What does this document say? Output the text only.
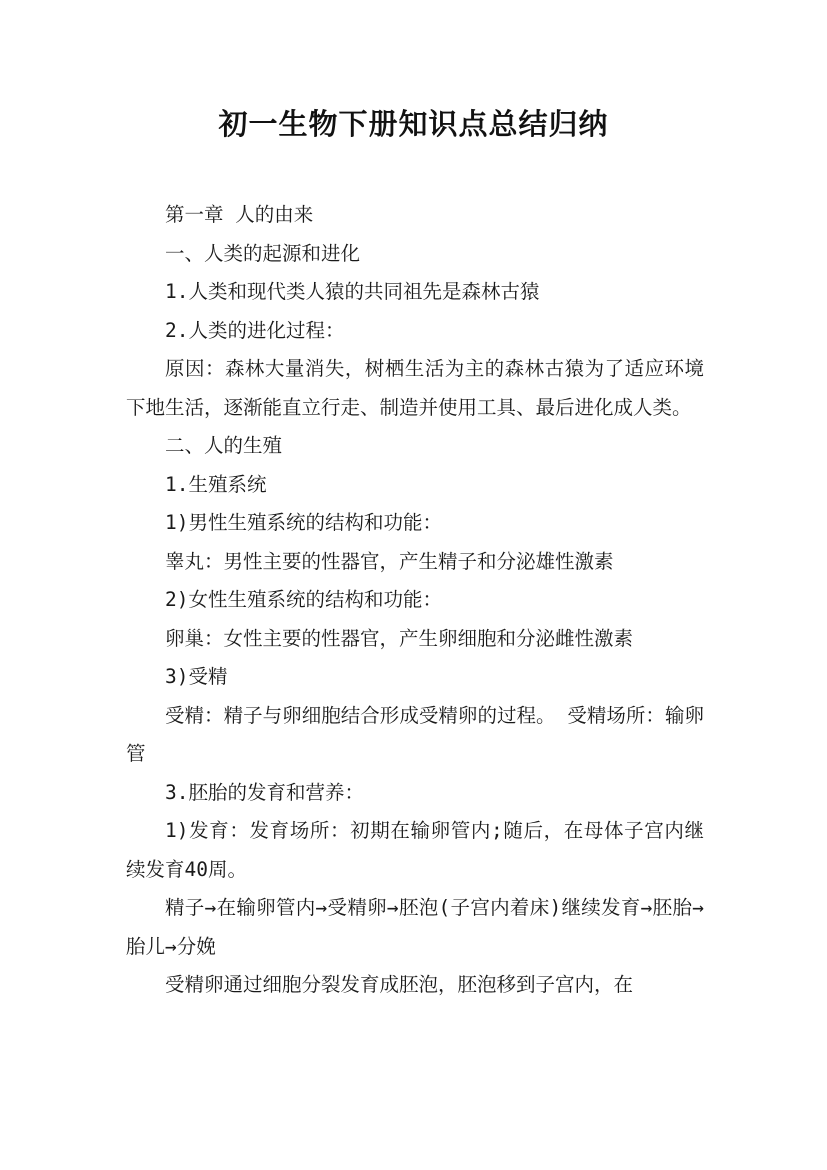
初一生物下册知识点总结归纳

第一章 人的由来

一、人类的起源和进化

1.人类和现代类人猿的共同祖先是森林古猿

2.人类的进化过程：

原因：森林大量消失，树栖生活为主的森林古猿为了适应环境下地生活，逐渐能直立行走、制造并使用工具、最后进化成人类。

二、人的生殖

1.生殖系统

1)男性生殖系统的结构和功能：

睾丸：男性主要的性器官，产生精子和分泌雄性激素

2)女性生殖系统的结构和功能：

卵巢：女性主要的性器官，产生卵细胞和分泌雌性激素

3)受精

受精：精子与卵细胞结合形成受精卵的过程。 受精场所：输卵管

3.胚胎的发育和营养：

1)发育：发育场所：初期在输卵管内;随后，在母体子宫内继续发育40周。

精子→在输卵管内→受精卵→胚泡(子宫内着床)继续发育→胚胎→胎儿→分娩

受精卵通过细胞分裂发育成胚泡，胚泡移到子宫内，在
